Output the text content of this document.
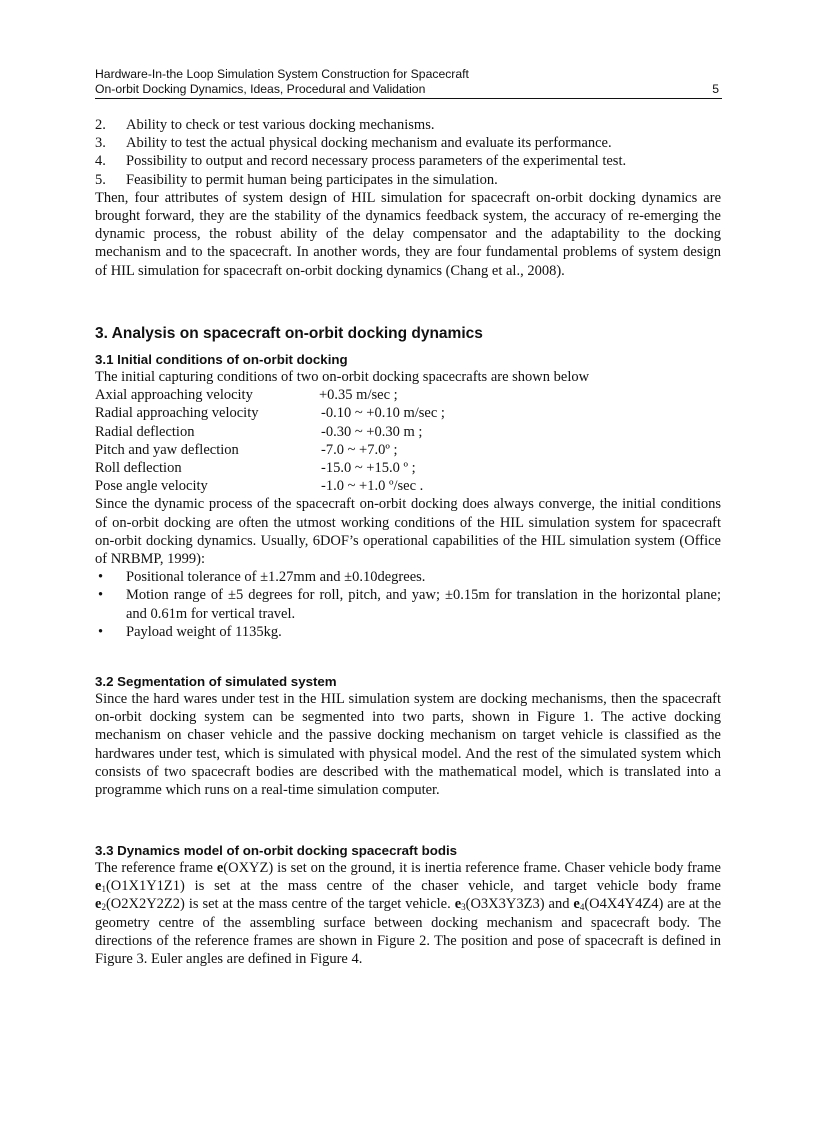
Hardware-In-the Loop Simulation System Construction for Spacecraft
On-orbit Docking Dynamics, Ideas, Procedural and Validation	5
2. Ability to check or test various docking mechanisms.
3. Ability to test the actual physical docking mechanism and evaluate its performance.
4. Possibility to output and record necessary process parameters of the experimental test.
5. Feasibility to permit human being participates in the simulation.

Then, four attributes of system design of HIL simulation for spacecraft on-orbit docking dynamics are brought forward, they are the stability of the dynamics feedback system, the accuracy of re-emerging the dynamic process, the robust ability of the delay compensator and the adaptability to the docking mechanism and to the spacecraft. In another words, they are four fundamental problems of system design of HIL simulation for spacecraft on-orbit docking dynamics (Chang et al., 2008).

3. Analysis on spacecraft on-orbit docking dynamics
3.1 Initial conditions of on-orbit docking

The initial capturing conditions of two on-orbit docking spacecrafts are shown below

Axial approaching velocity	+0.35 m/sec ;
Radial approaching velocity	-0.10 ~ +0.10 m/sec ;
Radial deflection	-0.30 ~ +0.30 m ;
Pitch and yaw deflection	-7.0 ~ +7.0º ;
Roll deflection	-15.0 ~ +15.0 º ;
Pose angle velocity	-1.0 ~ +1.0 º/sec .

Since the dynamic process of the spacecraft on-orbit docking does always converge, the initial conditions of on-orbit docking are often the utmost working conditions of the HIL simulation system for spacecraft on-orbit docking dynamics. Usually, 6DOF’s operational capabilities of the HIL simulation system (Office of NRBMP, 1999):

• Positional tolerance of ±1.27mm and ±0.10degrees.
• Motion range of ±5 degrees for roll, pitch, and yaw; ±0.15m for translation in the horizontal plane; and 0.61m for vertical travel.
• Payload weight of 1135kg.
3.2 Segmentation of simulated system

Since the hard wares under test in the HIL simulation system are docking mechanisms, then the spacecraft on-orbit docking system can be segmented into two parts, shown in Figure 1. The active docking mechanism on chaser vehicle and the passive docking mechanism on target vehicle is classified as the hardwares under test, which is simulated with physical model. And the rest of the simulated system which consists of two spacecraft bodies are described with the mathematical model, which is translated into a programme which runs on a real-time simulation computer.

3.3 Dynamics model of on-orbit docking spacecraft bodis

The reference frame e(OXYZ) is set on the ground, it is inertia reference frame. Chaser vehicle body frame $e_1(O1X1Y1Z1)$ is set at the mass centre of the chaser vehicle, and target vehicle body frame $e_2(O2X2Y2Z2)$ is set at the mass centre of the target vehicle. $e_3(O3X3Y3Z3)$ and $e_4(O4X4Y4Z4)$ are at the geometry centre of the assembling surface between docking mechanism and spacecraft body. The directions of the reference frames are shown in Figure 2. The position and pose of spacecraft is defined in Figure 3. Euler angles are defined in Figure 4.
